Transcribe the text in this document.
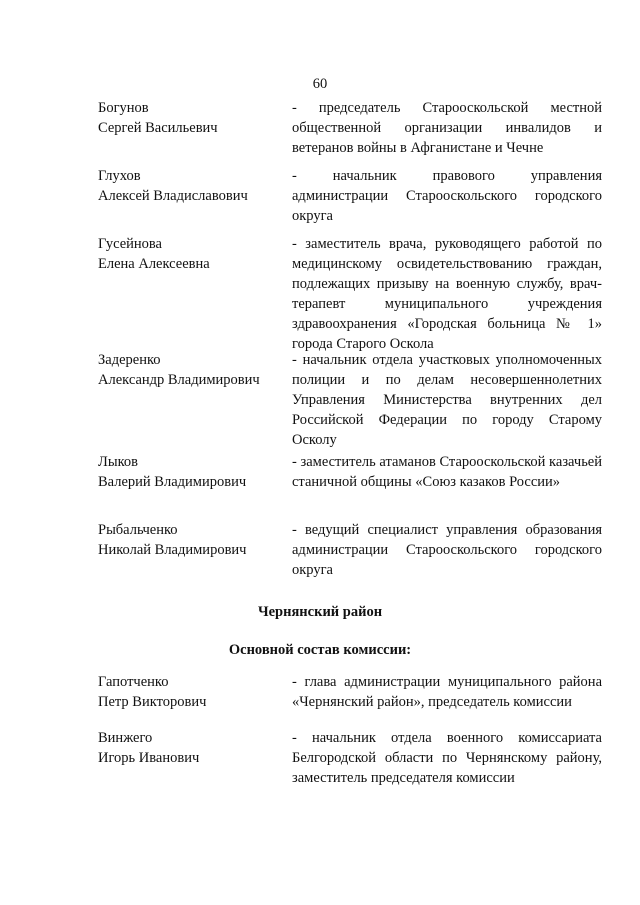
60
Богунов
Сергей Васильевич
- председатель Старооскольской местной общественной организации инвалидов и ветеранов войны в Афганистане и Чечне
Глухов
Алексей Владиславович
- начальник правового управления администрации Старооскольского городского округа
Гусейнова
Елена Алексеевна
- заместитель врача, руководящего работой по медицинскому освидетельствованию граждан, подлежащих призыву на военную службу, врач-терапевт муниципального учреждения здравоохранения «Городская больница № 1» города Старого Оскола
Задеренко
Александр Владимирович
- начальник отдела участковых уполномоченных полиции и по делам несовершеннолетних Управления Министерства внутренних дел Российской Федерации по городу Старому Осколу
Лыков
Валерий Владимирович
- заместитель атаманов Старооскольской казачьей станичной общины «Союз казаков России»
Рыбальченко
Николай Владимирович
- ведущий специалист управления образования администрации Старооскольского городского округа
Чернянский район
Основной состав комиссии:
Гапотченко
Петр Викторович
- глава администрации муниципального района «Чернянский район», председатель комиссии
Винжего
Игорь Иванович
- начальник отдела военного комиссариата Белгородской области по Чернянскому району, заместитель председателя комиссии
